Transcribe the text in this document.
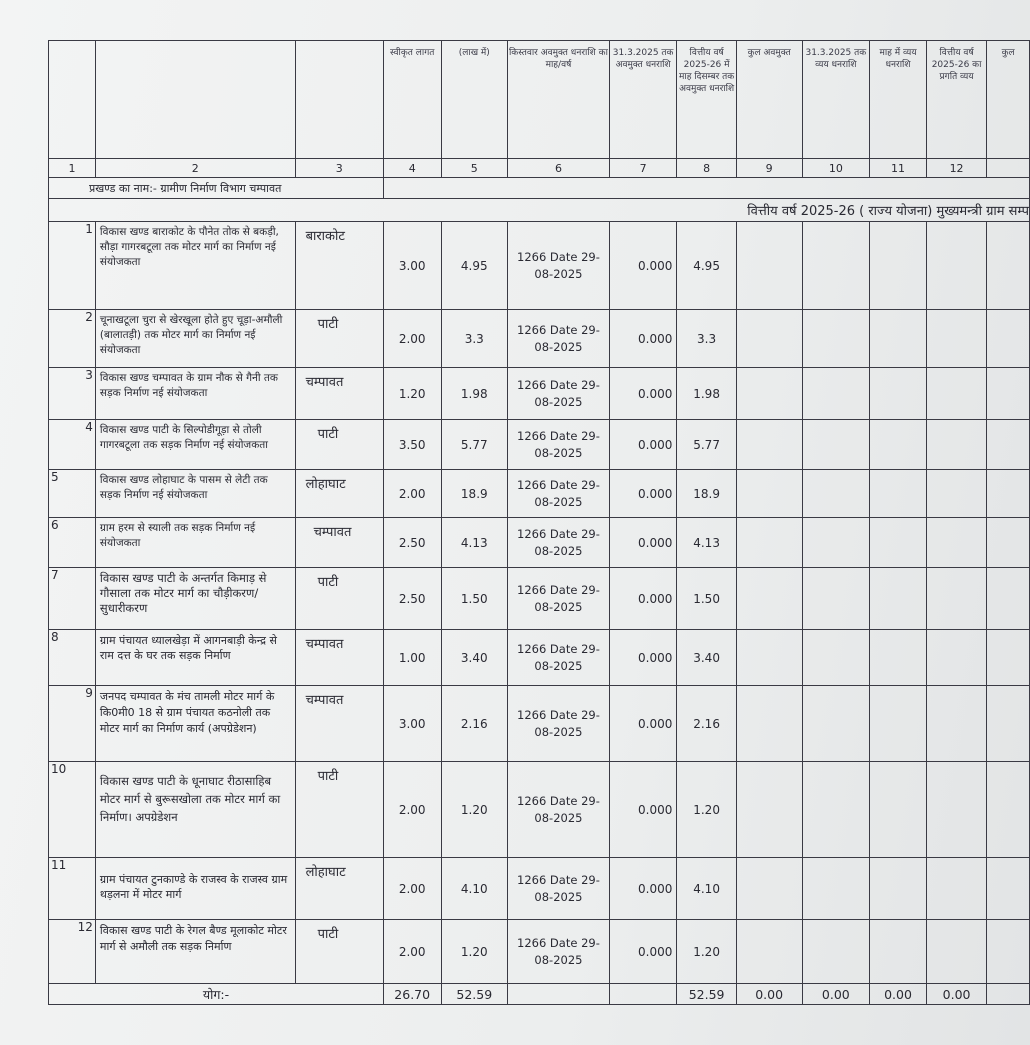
			स्वीकृत लागत	(लाख में)	किस्तवार अवमुक्त धनराशि का माह/वर्ष	31.3.2025 तक अवमुक्त धनराशि	वित्तीय वर्ष 2025-26 में माह दिसम्बर तक अवमुक्त धनराशि	कुल अवमुक्त	31.3.2025 तक व्यय धनराशि	माह में व्यय धनराशि	वित्तीय वर्ष 2025-26 का प्रगति व्यय	कुल
1	2	3	4	5	6	7	8	9	10	11	12	
प्रखण्ड का नाम:- ग्रामीण निर्माण विभाग चम्पावत												
वित्तीय वर्ष 2025-26 ( राज्य योजना) मुख्यमन्त्री ग्राम सम्प												
1	विकास खण्ड बाराकोट के पौनेत तोक से बकड़ी, सौड़ा गागरबटूला तक मोटर मार्ग का निर्माण नई संयोजकता	बाराकोट	3.00	4.95	1266 Date 29-08-2025	0.000	4.95					
2	चूनाखटूला चुरा से खेरखूला होते हुए चूड़ा-अमौली (बालातड़ी) तक मोटर मार्ग का निर्माण नई संयोजकता	पाटी	2.00	3.3	1266 Date 29-08-2025	0.000	3.3					
3	विकास खण्ड चम्पावत के ग्राम नौक से गैनी तक सड़क निर्माण नई संयोजकता	चम्पावत	1.20	1.98	1266 Date 29-08-2025	0.000	1.98					
4	विकास खण्ड पाटी के सिल्पोडीगूड़ा से तोली गागरबटूला तक सड़क निर्माण नई संयोजकता	पाटी	3.50	5.77	1266 Date 29-08-2025	0.000	5.77					
5	विकास खण्ड लोहाघाट के पासम से लेटी तक सड़क निर्माण नई संयोजकता	लोहाघाट	2.00	18.9	1266 Date 29-08-2025	0.000	18.9					
6	ग्राम हरम से स्याली तक सड़क निर्माण नई संयोजकता	चम्पावत	2.50	4.13	1266 Date 29-08-2025	0.000	4.13					
7	विकास खण्ड पाटी के अन्तर्गत किमाड़ से गौसाला तक मोटर मार्ग का चौड़ीकरण/सुधारीकरण	पाटी	2.50	1.50	1266 Date 29-08-2025	0.000	1.50					
8	ग्राम पंचायत ध्यालखेड़ा में आगनबाड़ी केन्द्र से राम दत्त के घर तक सड़क निर्माण	चम्पावत	1.00	3.40	1266 Date 29-08-2025	0.000	3.40					
9	जनपद चम्पावत के मंच तामली मोटर मार्ग के कि0मी0 18 से ग्राम पंचायत कठनोली तक मोटर मार्ग का निर्माण कार्य (अपग्रेडेशन)	चम्पावत	3.00	2.16	1266 Date 29-08-2025	0.000	2.16					
10	विकास खण्ड पाटी के धूनाघाट रीठासाहिब मोटर मार्ग से बुरूसखोला तक मोटर मार्ग का निर्माण। अपग्रेडेशन	पाटी	2.00	1.20	1266 Date 29-08-2025	0.000	1.20					
11	ग्राम पंचायत टुनकाण्डे के राजस्व के राजस्व ग्राम थड़लना में मोटर मार्ग	लोहाघाट	2.00	4.10	1266 Date 29-08-2025	0.000	4.10					
12	विकास खण्ड पाटी के रेगल बैण्ड मूलाकोट मोटर मार्ग से अमौली तक सड़क निर्माण	पाटी	2.00	1.20	1266 Date 29-08-2025	0.000	1.20					
योग:-			26.70	52.59			52.59	0.00	0.00	0.00	0.00	
